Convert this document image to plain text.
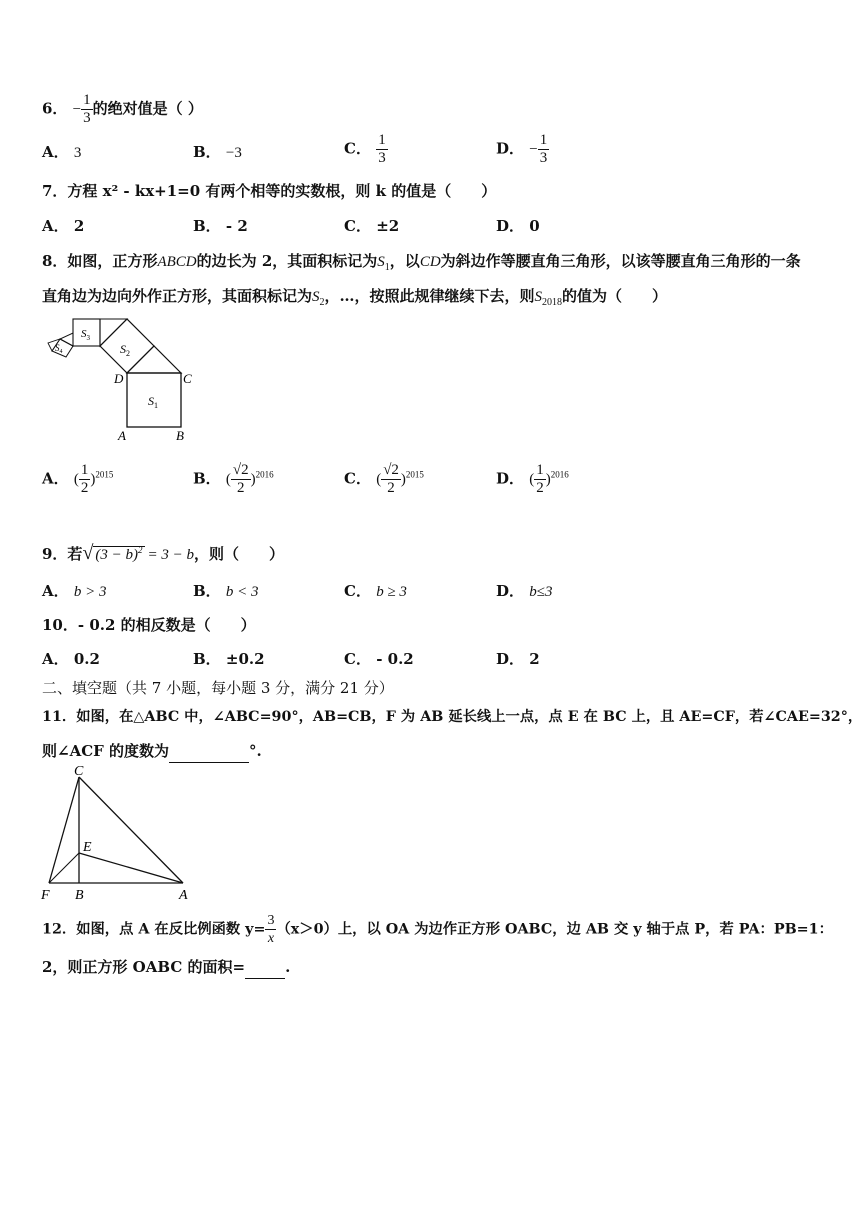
6． − $\frac{1}{3}$ 的绝对值是（ ）
A． 3	B． −3	C． $\frac{1}{3}$	D． − $\frac{1}{3}$
7．方程 x² - kx+1=0 有两个相等的实数根，则 k 的值是（　　）
A． 2	B． - 2	C． ±2	D． 0
8．如图，正方形ABCD的边长为 2，其面积标记为$S_1$，以CD为斜边作等腰直角三角形，以该等腰直角三角形的一条
直角边为边向外作正方形，其面积标记为$S_2$，…，按照此规律继续下去，则$S_{2018}$的值为（　　）
$S_1$
$S_2$
$S_3$
$S_4$
D	C
A	B
A． ( $\frac{1}{2} )^{2015}$	B． ( $\frac{√2}{2} )^{2016}$	C． ( $\frac{√2}{2} )^{2015}$	D． ( $\frac{1}{2} )^{2016}$
9．若√ $(3 - b)^2 = 3 - b$，则（　　）
A． b > 3	B． b < 3	C． b ≥ 3	D． b≤3
10．- 0.2 的相反数是（　　）
A． 0.2	B． ±0.2	C． - 0.2	D． 2
二、填空题（共 7 小题，每小题 3 分，满分 21 分）
11．如图，在△ABC 中，∠ABC=90°，AB=CB，F 为 AB 延长线上一点，点 E 在 BC 上，且 AE=CF，若∠CAE=32°，
则∠ACF 的度数为	°.
C
E
F B	A
12．如图，点 A 在反比例函数 $y= \frac{3}{x} (x>0)$上，以 OA 为边作正方形 OABC，边 AB 交 y 轴于点 P，若 PA：PB=1：
2，则正方形 OABC 的面积=	.
